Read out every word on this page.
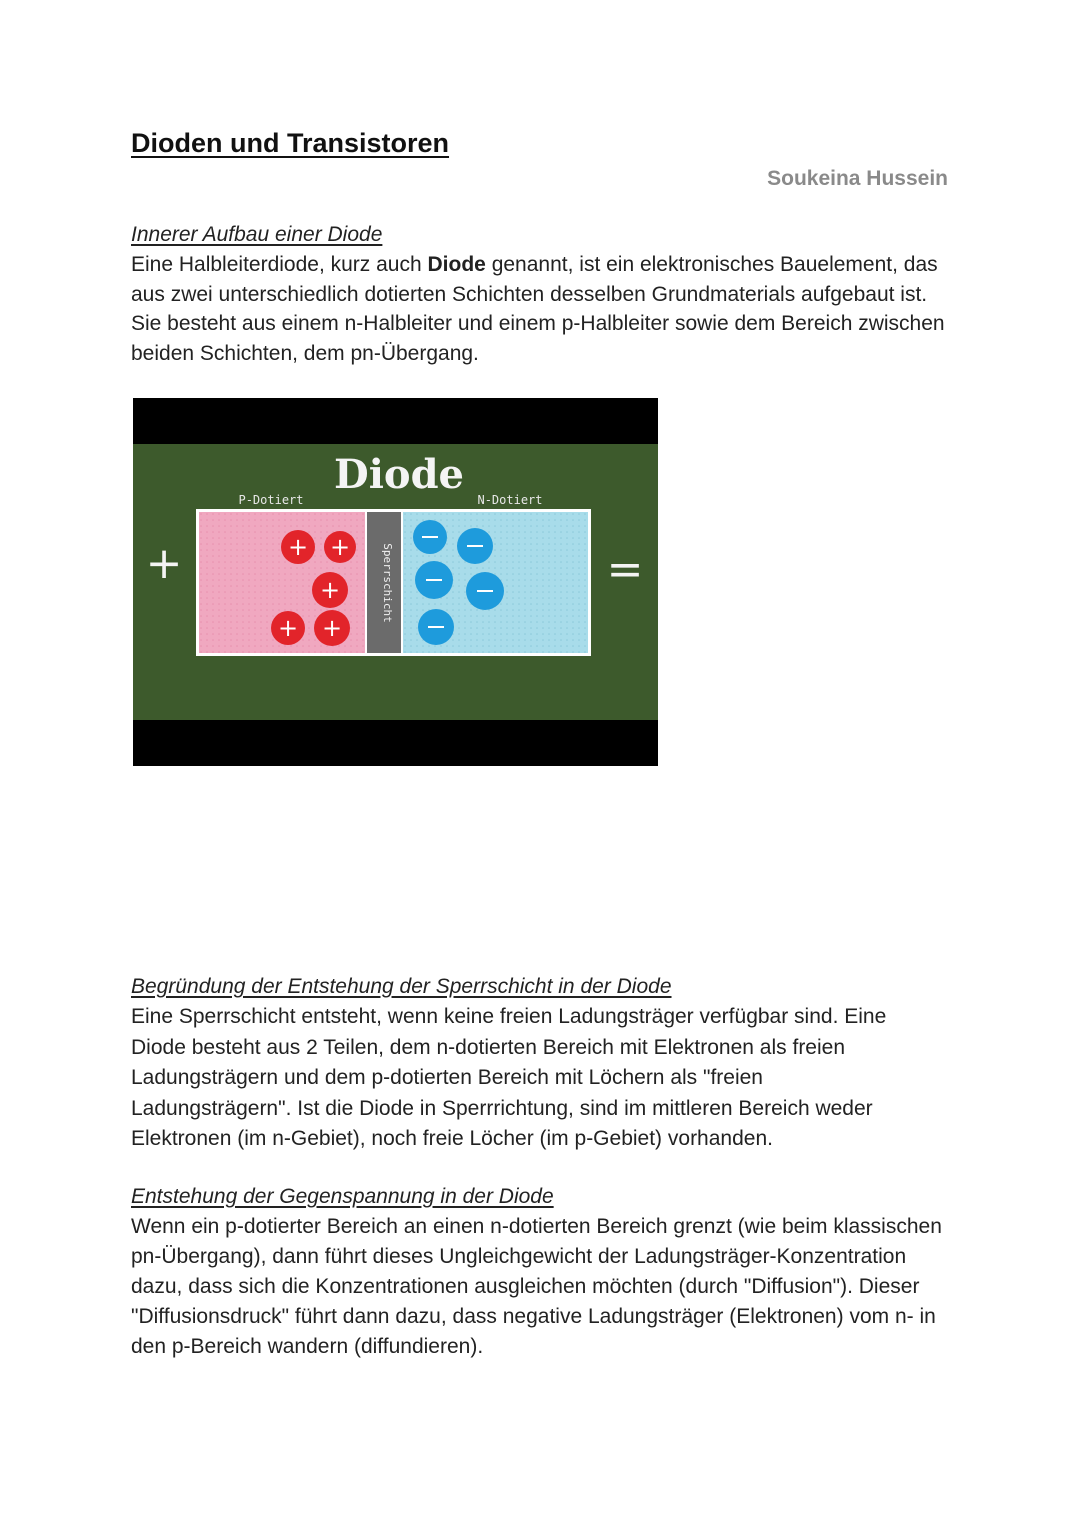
Dioden und Transistoren
Soukeina Hussein
Innerer Aufbau einer Diode

Eine Halbleiterdiode, kurz auch Diode genannt, ist ein elektronisches Bauelement, das aus zwei unterschiedlich dotierten Schichten desselben Grundmaterials aufgebaut ist. Sie besteht aus einem n-Halbleiter und einem p-Halbleiter sowie dem Bereich zwischen beiden Schichten, dem pn-Übergang.

Diode
P-Dotiert	N-Dotiert
Sperrschicht
+ +
+
+ +
+	=
Begründung der Entstehung der Sperrschicht in der Diode

Eine Sperrschicht entsteht, wenn keine freien Ladungsträger verfügbar sind. Eine Diode besteht aus 2 Teilen, dem n-dotierten Bereich mit Elektronen als freien Ladungsträgern und dem p-dotierten Bereich mit Löchern als "freien Ladungsträgern". Ist die Diode in Sperrrichtung, sind im mittleren Bereich weder Elektronen (im n-Gebiet), noch freie Löcher (im p-Gebiet) vorhanden.

Entstehung der Gegenspannung in der Diode

Wenn ein p-dotierter Bereich an einen n-dotierten Bereich grenzt (wie beim klassischen pn-Übergang), dann führt dieses Ungleichgewicht der Ladungsträger-Konzentration dazu, dass sich die Konzentrationen ausgleichen möchten (durch "Diffusion"). Dieser "Diffusionsdruck" führt dann dazu, dass negative Ladungsträger (Elektronen) vom n- in den p-Bereich wandern (diffundieren).
